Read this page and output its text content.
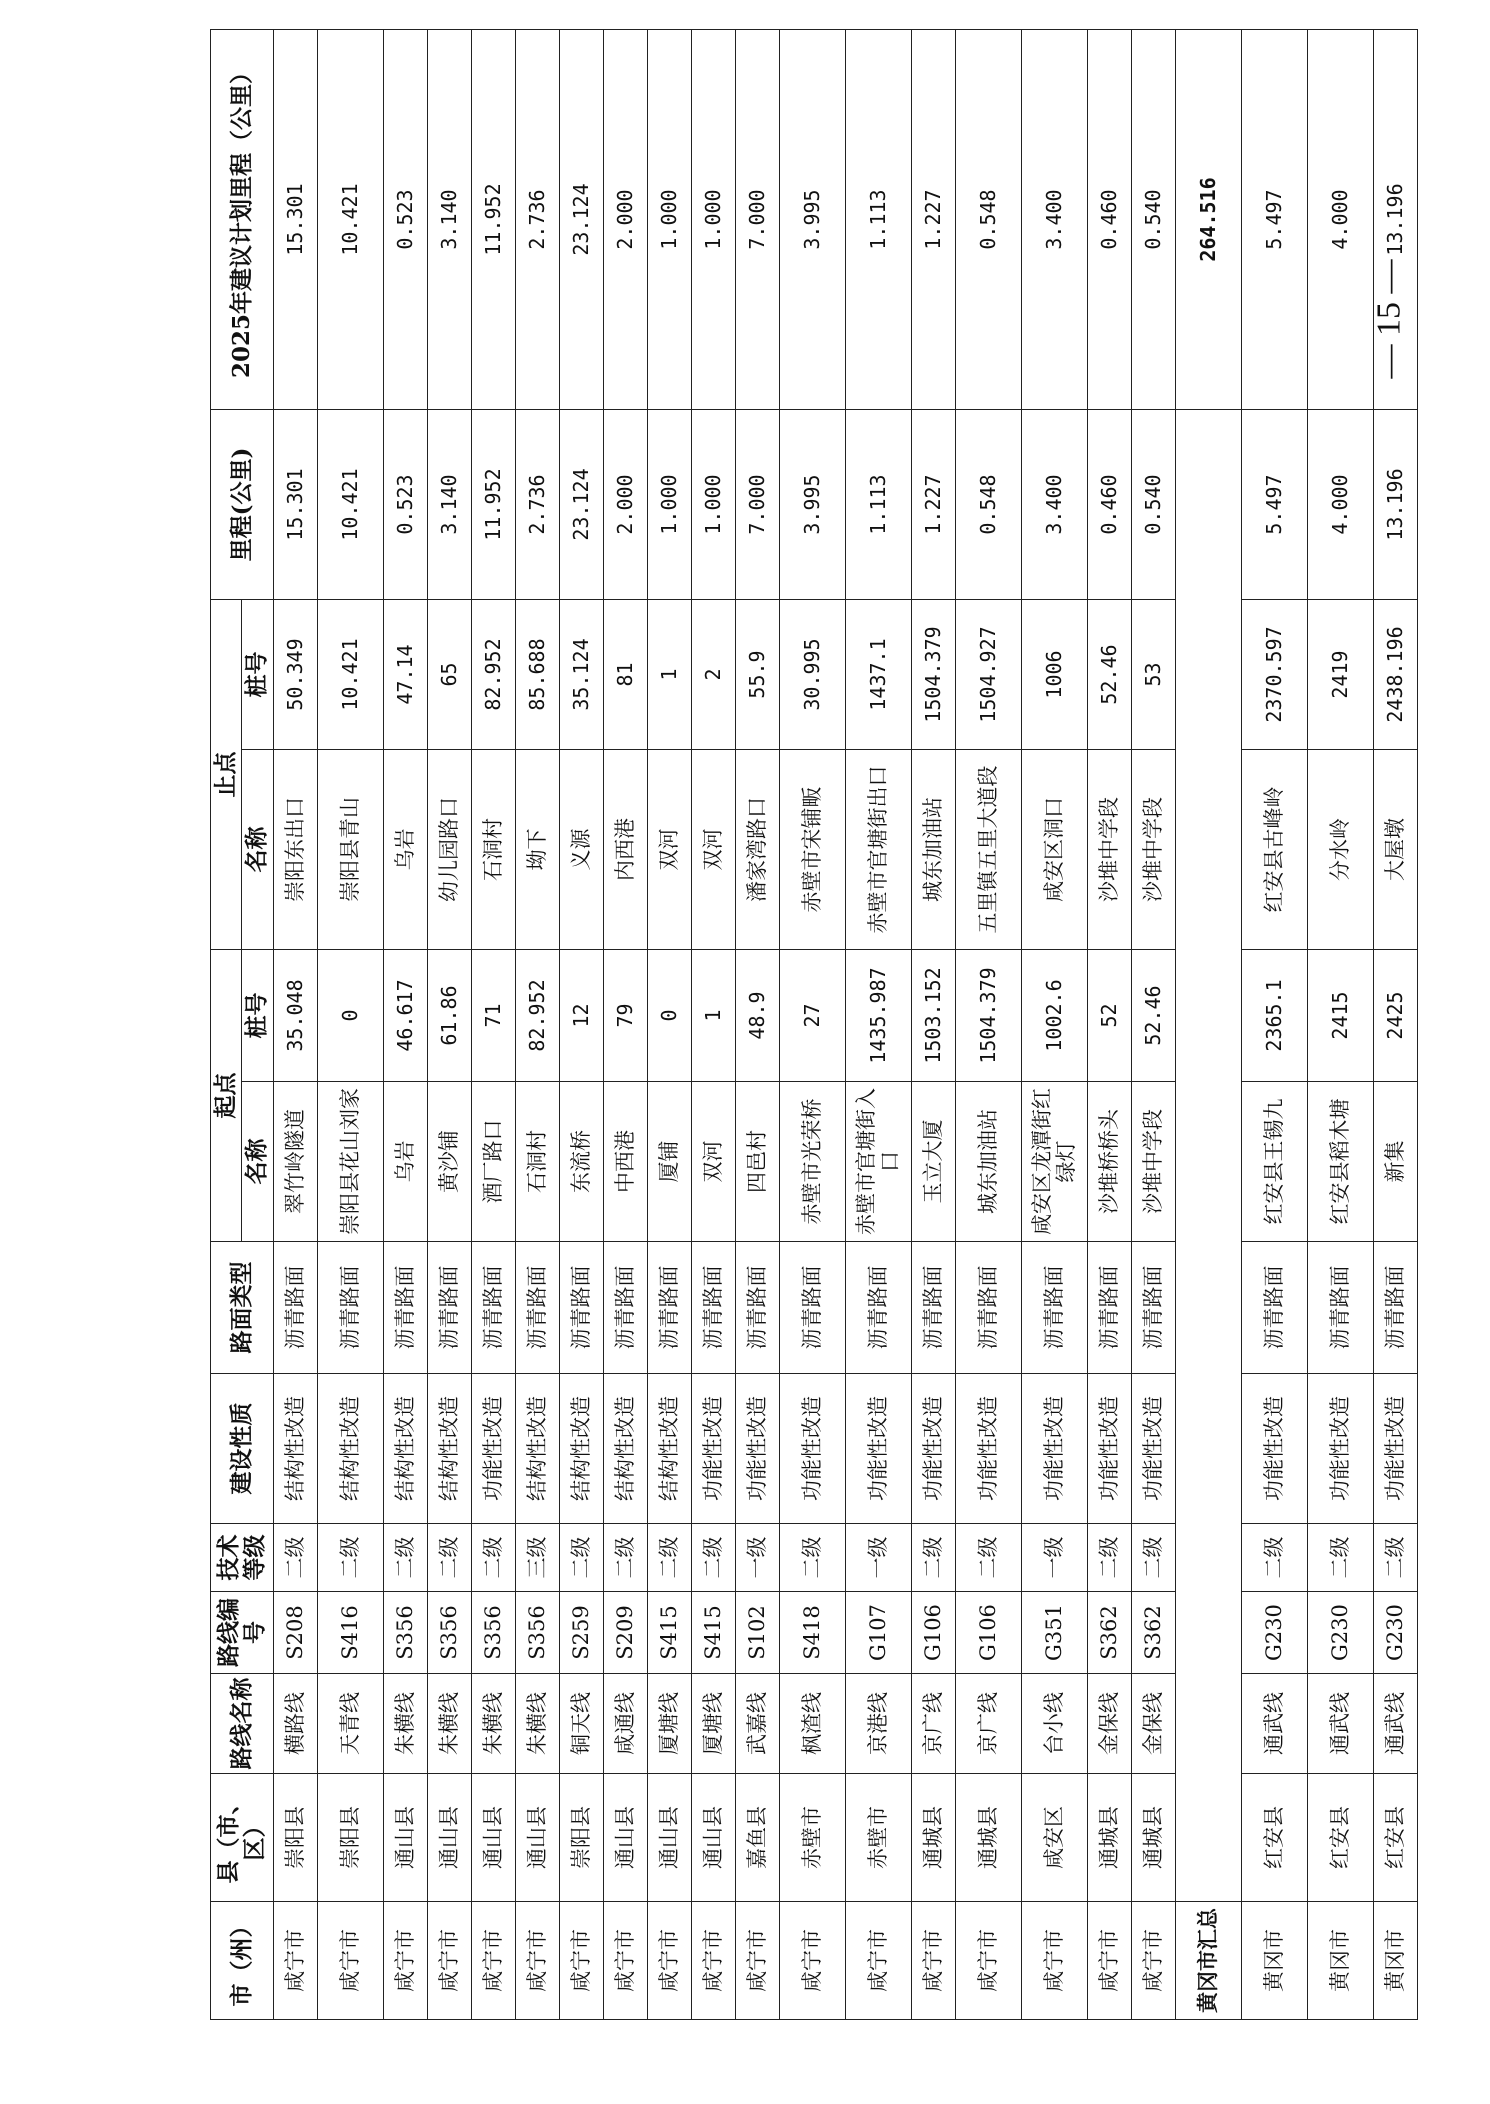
市（州）	县（市、区）	路线名称	路线编号	技术等级	建设性质	路面类型	起点		止点		里程(公里)	2025年建议计划里程（公里）
							名称	桩号	名称	桩号		
咸宁市	崇阳县	横路线	S208	二级	结构性改造	沥青路面	翠竹岭隧道	35.048	崇阳东出口	50.349	15.301	15.301
咸宁市	崇阳县	天青线	S416	二级	结构性改造	沥青路面	崇阳县花山刘家	0	崇阳县青山	10.421	10.421	10.421
咸宁市	通山县	朱横线	S356	二级	结构性改造	沥青路面	乌岩	46.617	乌岩	47.14	0.523	0.523
咸宁市	通山县	朱横线	S356	二级	结构性改造	沥青路面	黄沙铺	61.86	幼儿园路口	65	3.140	3.140
咸宁市	通山县	朱横线	S356	二级	功能性改造	沥青路面	酒厂路口	71	石洞村	82.952	11.952	11.952
咸宁市	通山县	朱横线	S356	三级	结构性改造	沥青路面	石洞村	82.952	坳下	85.688	2.736	2.736
咸宁市	崇阳县	铜天线	S259	二级	结构性改造	沥青路面	东流桥	12	义源	35.124	23.124	23.124
咸宁市	通山县	咸通线	S209	二级	结构性改造	沥青路面	中西港	79	内西港	81	2.000	2.000
咸宁市	通山县	厦塘线	S415	二级	结构性改造	沥青路面	厦铺	0	双河	1	1.000	1.000
咸宁市	通山县	厦塘线	S415	二级	功能性改造	沥青路面	双河	1	双河	2	1.000	1.000
咸宁市	嘉鱼县	武嘉线	S102	一级	功能性改造	沥青路面	四邑村	48.9	潘家湾路口	55.9	7.000	7.000
咸宁市	赤壁市	枫渣线	S418	二级	功能性改造	沥青路面	赤壁市光荣桥	27	赤壁市宋铺畈	30.995	3.995	3.995
咸宁市	赤壁市	京港线	G107	一级	功能性改造	沥青路面	赤壁市官塘街入口	1435.987	赤壁市官塘街出口	1437.1	1.113	1.113
咸宁市	通城县	京广线	G106	二级	功能性改造	沥青路面	玉立大厦	1503.152	城东加油站	1504.379	1.227	1.227
咸宁市	通城县	京广线	G106	二级	功能性改造	沥青路面	城东加油站	1504.379	五里镇五里大道段	1504.927	0.548	0.548
咸宁市	咸安区	台小线	G351	一级	功能性改造	沥青路面	咸安区龙潭街红绿灯	1002.6	咸安区洞口	1006	3.400	3.400
咸宁市	通城县	金保线	S362	二级	功能性改造	沥青路面	沙堆桥桥头	52	沙堆中学段	52.46	0.460	0.460
咸宁市	通城县	金保线	S362	二级	功能性改造	沥青路面	沙堆中学段	52.46	沙堆中学段	53	0.540	0.540
黄冈市汇总												264.516
黄冈市	红安县	通武线	G230	二级	功能性改造	沥青路面	红安县王锡九	2365.1	红安县古峰岭	2370.597	5.497	5.497
黄冈市	红安县	通武线	G230	二级	功能性改造	沥青路面	红安县稻木塘	2415	分水岭	2419	4.000	4.000
黄冈市	红安县	通武线	G230	二级	功能性改造	沥青路面	新集	2425	大屋墩	2438.196	13.196	13.196
— 15 —
